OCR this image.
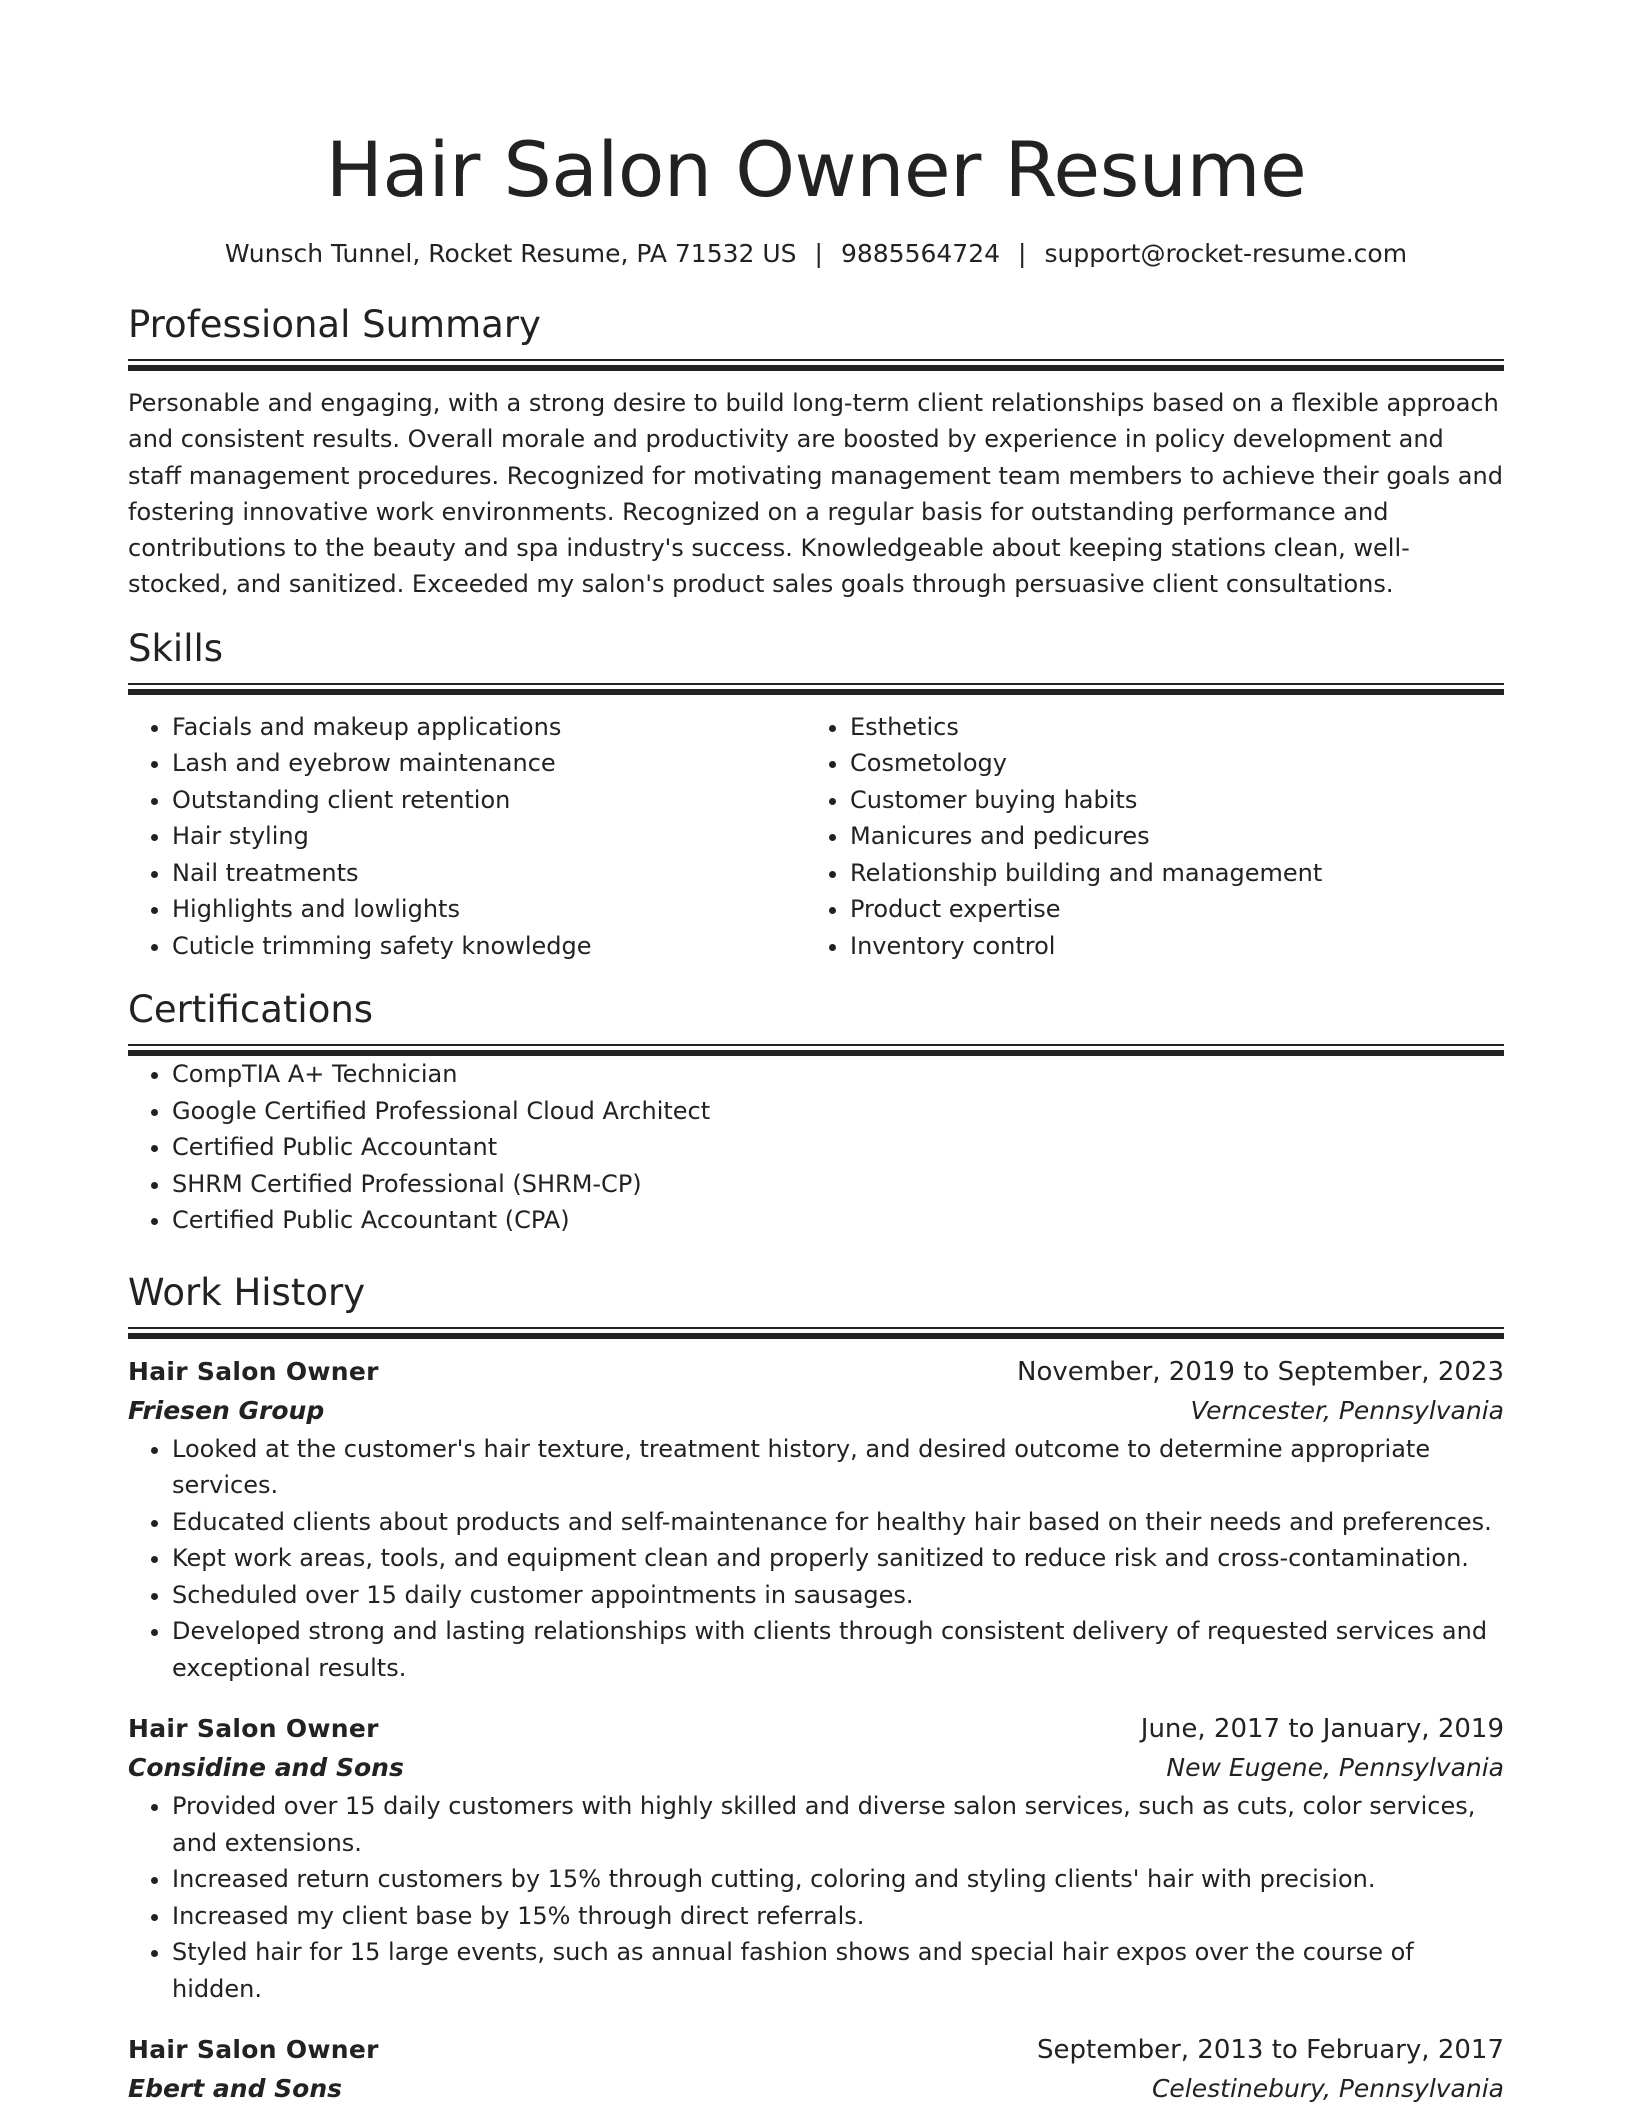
Hair Salon Owner Resume
Wunsch Tunnel, Rocket Resume, PA 71532 US | 9885564724 | support@rocket-resume.com
Professional Summary

Personable and engaging, with a strong desire to build long-term client relationships based on a flexible approach and consistent results. Overall morale and productivity are boosted by experience in policy development and staff management procedures. Recognized for motivating management team members to achieve their goals and fostering innovative work environments. Recognized on a regular basis for outstanding performance and contributions to the beauty and spa industry's success. Knowledgeable about keeping stations clean, well-stocked, and sanitized. Exceeded my salon's product sales goals through persuasive client consultations.

Skills
• Facials and makeup applications
• Lash and eyebrow maintenance
• Outstanding client retention
• Hair styling
• Nail treatments
• Highlights and lowlights
• Cuticle trimming safety knowledge
• Esthetics
• Cosmetology
• Customer buying habits
• Manicures and pedicures
• Relationship building and management
• Product expertise
• Inventory control
Certifications
• CompTIA A+ Technician
• Google Certified Professional Cloud Architect
• Certified Public Accountant
• SHRM Certified Professional (SHRM-CP)
• Certified Public Accountant (CPA)
Work History
Hair Salon Owner	November, 2019 to September, 2023
Friesen Group	Verncester, Pennsylvania
• Looked at the customer's hair texture, treatment history, and desired outcome to determine appropriate services.
• Educated clients about products and self-maintenance for healthy hair based on their needs and preferences.
• Kept work areas, tools, and equipment clean and properly sanitized to reduce risk and cross-contamination.
• Scheduled over 15 daily customer appointments in sausages.
• Developed strong and lasting relationships with clients through consistent delivery of requested services and exceptional results.
Hair Salon Owner	June, 2017 to January, 2019
Considine and Sons	New Eugene, Pennsylvania
• Provided over 15 daily customers with highly skilled and diverse salon services, such as cuts, color services, and extensions.
• Increased return customers by 15% through cutting, coloring and styling clients' hair with precision.
• Increased my client base by 15% through direct referrals.
• Styled hair for 15 large events, such as annual fashion shows and special hair expos over the course of hidden.
Hair Salon Owner	September, 2013 to February, 2017
Ebert and Sons	Celestinebury, Pennsylvania
